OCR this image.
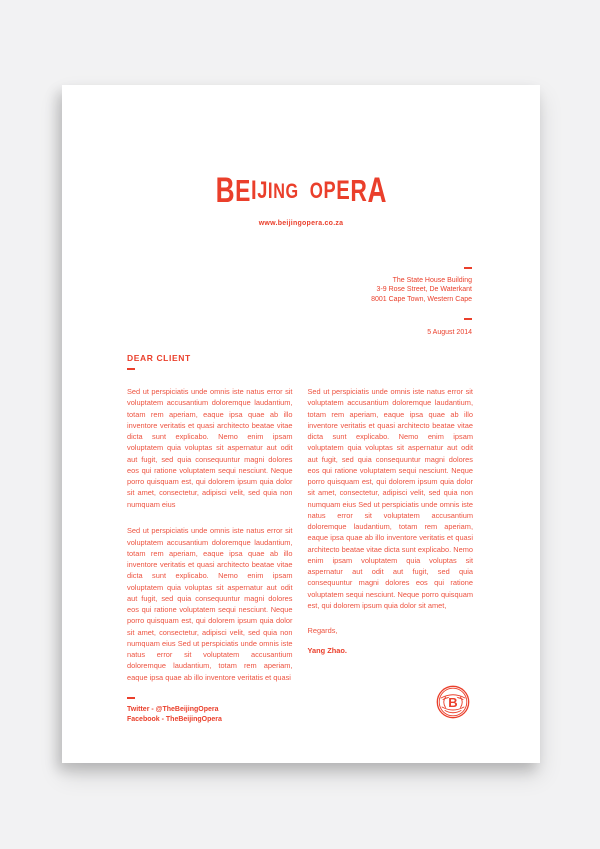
B E I J I N G O P E R A
www.beijingopera.co.za
The State House Building
3-9 Rose Street, De Waterkant
8001 Cape Town, Western Cape
5 August 2014
DEAR CLIENT

Sed ut perspiciatis unde omnis iste natus error sit voluptatem accusantium doloremque laudantium, totam rem aperiam, eaque ipsa quae ab illo inventore veritatis et quasi architecto beatae vitae dicta sunt explicabo. Nemo enim ipsam voluptatem quia voluptas sit aspernatur aut odit aut fugit, sed quia consequuntur magni dolores eos qui ratione voluptatem sequi nesciunt. Neque porro quisquam est, qui dolorem ipsum quia dolor sit amet, consectetur, adipisci velit, sed quia non numquam eius

Sed ut perspiciatis unde omnis iste natus error sit voluptatem accusantium doloremque laudantium, totam rem aperiam, eaque ipsa quae ab illo inventore veritatis et quasi architecto beatae vitae dicta sunt explicabo. Nemo enim ipsam voluptatem quia voluptas sit aspernatur aut odit aut fugit, sed quia consequuntur magni dolores eos qui ratione voluptatem sequi nesciunt. Neque porro quisquam est, qui dolorem ipsum quia dolor sit amet, consectetur, adipisci velit, sed quia non numquam eius Sed ut perspiciatis unde omnis iste natus error sit voluptatem accusantium doloremque laudantium, totam rem aperiam, eaque ipsa quae ab illo inventore veritatis et quasi

Sed ut perspiciatis unde omnis iste natus error sit voluptatem accusantium doloremque laudantium, totam rem aperiam, eaque ipsa quae ab illo inventore veritatis et quasi architecto beatae vitae dicta sunt explicabo. Nemo enim ipsam voluptatem quia voluptas sit aspernatur aut odit aut fugit, sed quia consequuntur magni dolores eos qui ratione voluptatem sequi nesciunt. Neque porro quisquam est, qui dolorem ipsum quia dolor sit amet, consectetur, adipisci velit, sed quia non numquam eius Sed ut perspiciatis unde omnis iste natus error sit voluptatem accusantium doloremque laudantium, totam rem aperiam, eaque ipsa quae ab illo inventore veritatis et quasi architecto beatae vitae dicta sunt explicabo. Nemo enim ipsam voluptatem quia voluptas sit aspernatur aut odit aut fugit, sed quia consequuntur magni dolores eos qui ratione voluptatem sequi nesciunt. Neque porro quisquam est, qui dolorem ipsum quia dolor sit amet,

Regards,

Yang Zhao.

Twitter - @TheBeijingOpera
Facebook - TheBeijingOpera
B
